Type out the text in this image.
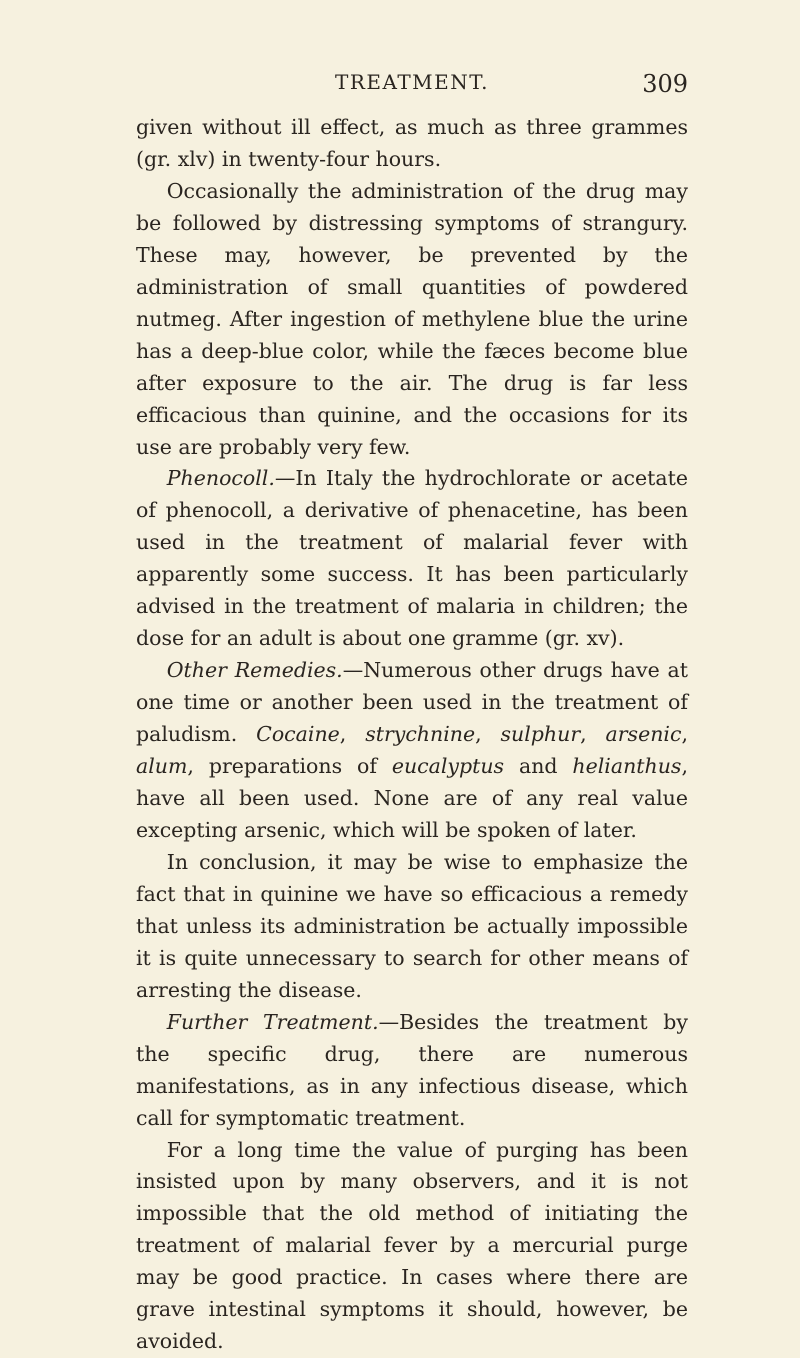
TREATMENT.	309

given without ill effect, as much as three grammes (gr. xlv) in twenty-four hours.

Occasionally the administration of the drug may be followed by distressing symptoms of strangury. These may, however, be prevented by the administration of small quantities of powdered nutmeg. After ingestion of methylene blue the urine has a deep-blue color, while the fæces become blue after exposure to the air. The drug is far less efficacious than quinine, and the occasions for its use are probably very few.

Phenocoll.—In Italy the hydrochlorate or acetate of phenocoll, a derivative of phenacetine, has been used in the treatment of malarial fever with apparently some success. It has been particularly advised in the treatment of malaria in children; the dose for an adult is about one gramme (gr. xv).

Other Remedies.—Numerous other drugs have at one time or another been used in the treatment of paludism. Cocaine, strychnine, sulphur, arsenic, alum, preparations of eucalyptus and helianthus, have all been used. None are of any real value excepting arsenic, which will be spoken of later.

In conclusion, it may be wise to emphasize the fact that in quinine we have so efficacious a remedy that unless its administration be actually impossible it is quite unnecessary to search for other means of arresting the disease.

Further Treatment.—Besides the treatment by the specific drug, there are numerous manifestations, as in any infectious disease, which call for symptomatic treatment.

For a long time the value of purging has been insisted upon by many observers, and it is not impossible that the old method of initiating the treatment of malarial fever by a mercurial purge may be good practice. In cases where there are grave intestinal symptoms it should, however, be avoided.
